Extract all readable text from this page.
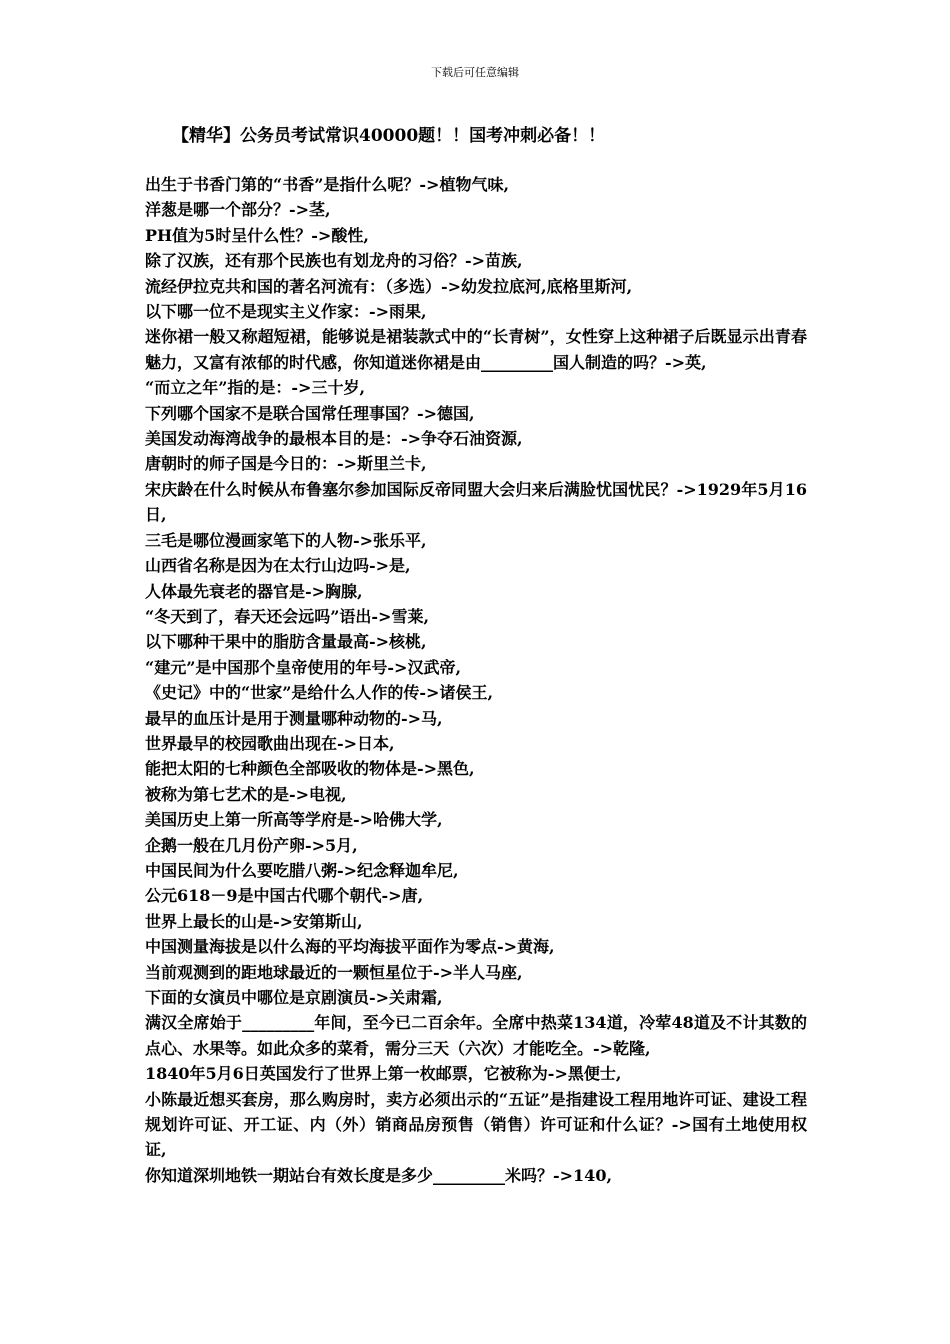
下载后可任意编辑
【精华】公务员考试常识40000题！！国考冲刺必备！！

出生于书香门第的“书香”是指什么呢？->植物气味,

洋葱是哪一个部分？->茎,

PH值为5时呈什么性？->酸性,

除了汉族，还有那个民族也有划龙舟的习俗？->苗族,

流经伊拉克共和国的著名河流有：（多选）->幼发拉底河,底格里斯河,

以下哪一位不是现实主义作家：->雨果,

迷你裙一般又称超短裙，能够说是裙装款式中的“长青树”，女性穿上这种裙子后既显示出青春魅力，又富有浓郁的时代感，你知道迷你裙是由_________国人制造的吗？->英,

“而立之年”指的是：->三十岁,

下列哪个国家不是联合国常任理事国？->德国,

美国发动海湾战争的最根本目的是：->争夺石油资源,

唐朝时的师子国是今日的：->斯里兰卡,

宋庆龄在什么时候从布鲁塞尔参加国际反帝同盟大会归来后满脸忧国忧民？->1929年5月16日,

三毛是哪位漫画家笔下的人物->张乐平,

山西省名称是因为在太行山边吗->是,

人体最先衰老的器官是->胸腺,

“冬天到了，春天还会远吗”语出->雪莱,

以下哪种干果中的脂肪含量最高->核桃,

“建元”是中国那个皇帝使用的年号->汉武帝,

《史记》中的“世家”是给什么人作的传->诸侯王,

最早的血压计是用于测量哪种动物的->马,

世界最早的校园歌曲出现在->日本,

能把太阳的七种颜色全部吸收的物体是->黑色,

被称为第七艺术的是->电视,

美国历史上第一所高等学府是->哈佛大学,

企鹅一般在几月份产卵->5月,

中国民间为什么要吃腊八粥->纪念释迦牟尼,

公元618－9是中国古代哪个朝代->唐,

世界上最长的山是->安第斯山,

中国测量海拔是以什么海的平均海拔平面作为零点->黄海,

当前观测到的距地球最近的一颗恒星位于->半人马座,

下面的女演员中哪位是京剧演员->关肃霜,

满汉全席始于_________年间，至今已二百余年。全席中热菜134道，冷荤48道及不计其数的点心、水果等。如此众多的菜肴，需分三天（六次）才能吃全。->乾隆,

1840年5月6日英国发行了世界上第一枚邮票，它被称为->黑便士,

小陈最近想买套房，那么购房时，卖方必须出示的“五证”是指建设工程用地许可证、建设工程规划许可证、开工证、内（外）销商品房预售（销售）许可证和什么证？->国有土地使用权证,

你知道深圳地铁一期站台有效长度是多少_________米吗？->140,
